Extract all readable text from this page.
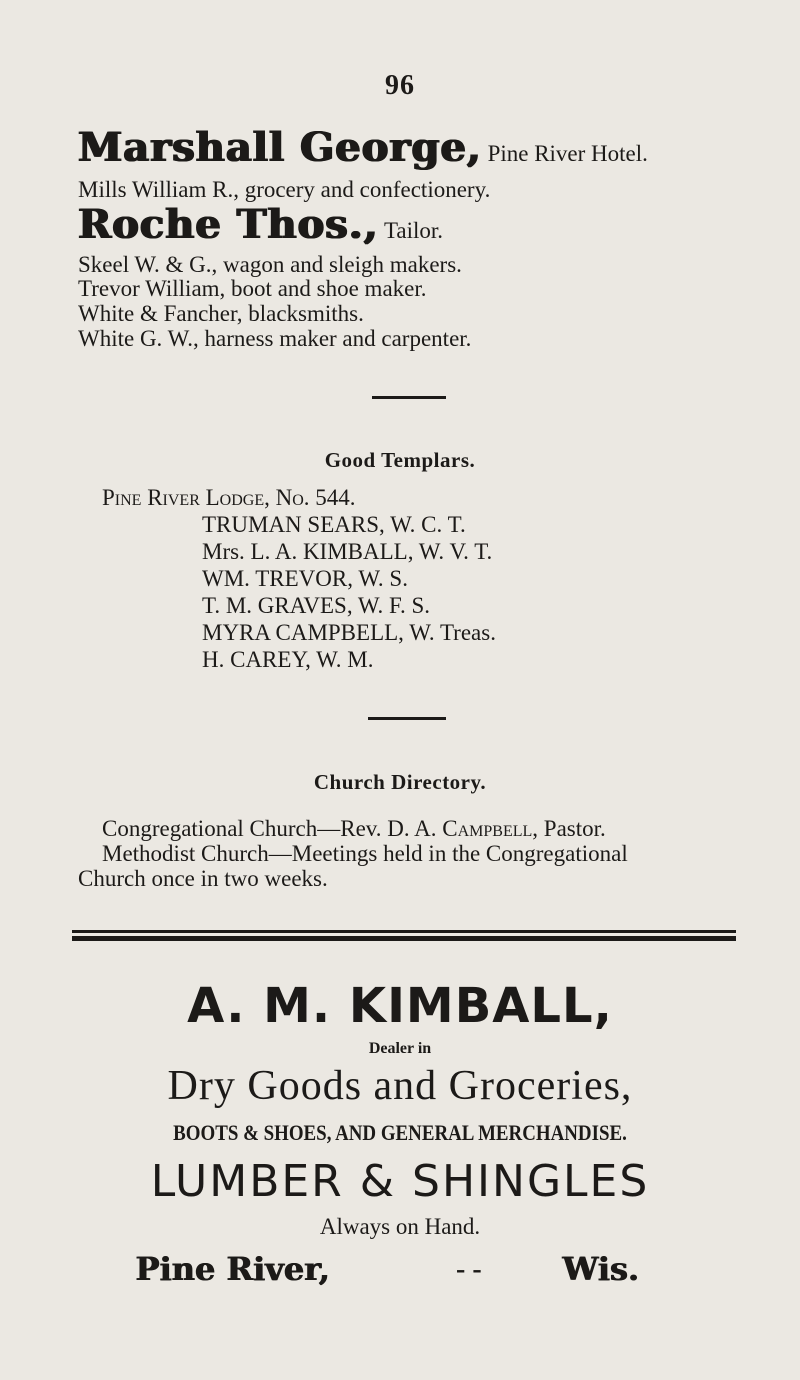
96
Marshall George, Pine River Hotel.
Mills William R., grocery and confectionery.
Roche Thos., Tailor.
Skeel W. & G., wagon and sleigh makers.
Trevor William, boot and shoe maker.
White & Fancher, blacksmiths.
White G. W., harness maker and carpenter.
Good Templars.
Pine River Lodge, No. 544.
TRUMAN SEARS, W. C. T.
Mrs. L. A. KIMBALL, W. V. T.
WM. TREVOR, W. S.
T. M. GRAVES, W. F. S.
MYRA CAMPBELL, W. Treas.
H. CAREY, W. M.
Church Directory.
Congregational Church—Rev. D. A. Campbell, Pastor.
Methodist Church—Meetings held in the Congregational
Church once in two weeks.
A. M. KIMBALL,
Dealer in
Dry Goods and Groceries,
BOOTS & SHOES, AND GENERAL MERCHANDISE.
LUMBER & SHINGLES
Always on Hand.
Pine River,	- -	Wis.
